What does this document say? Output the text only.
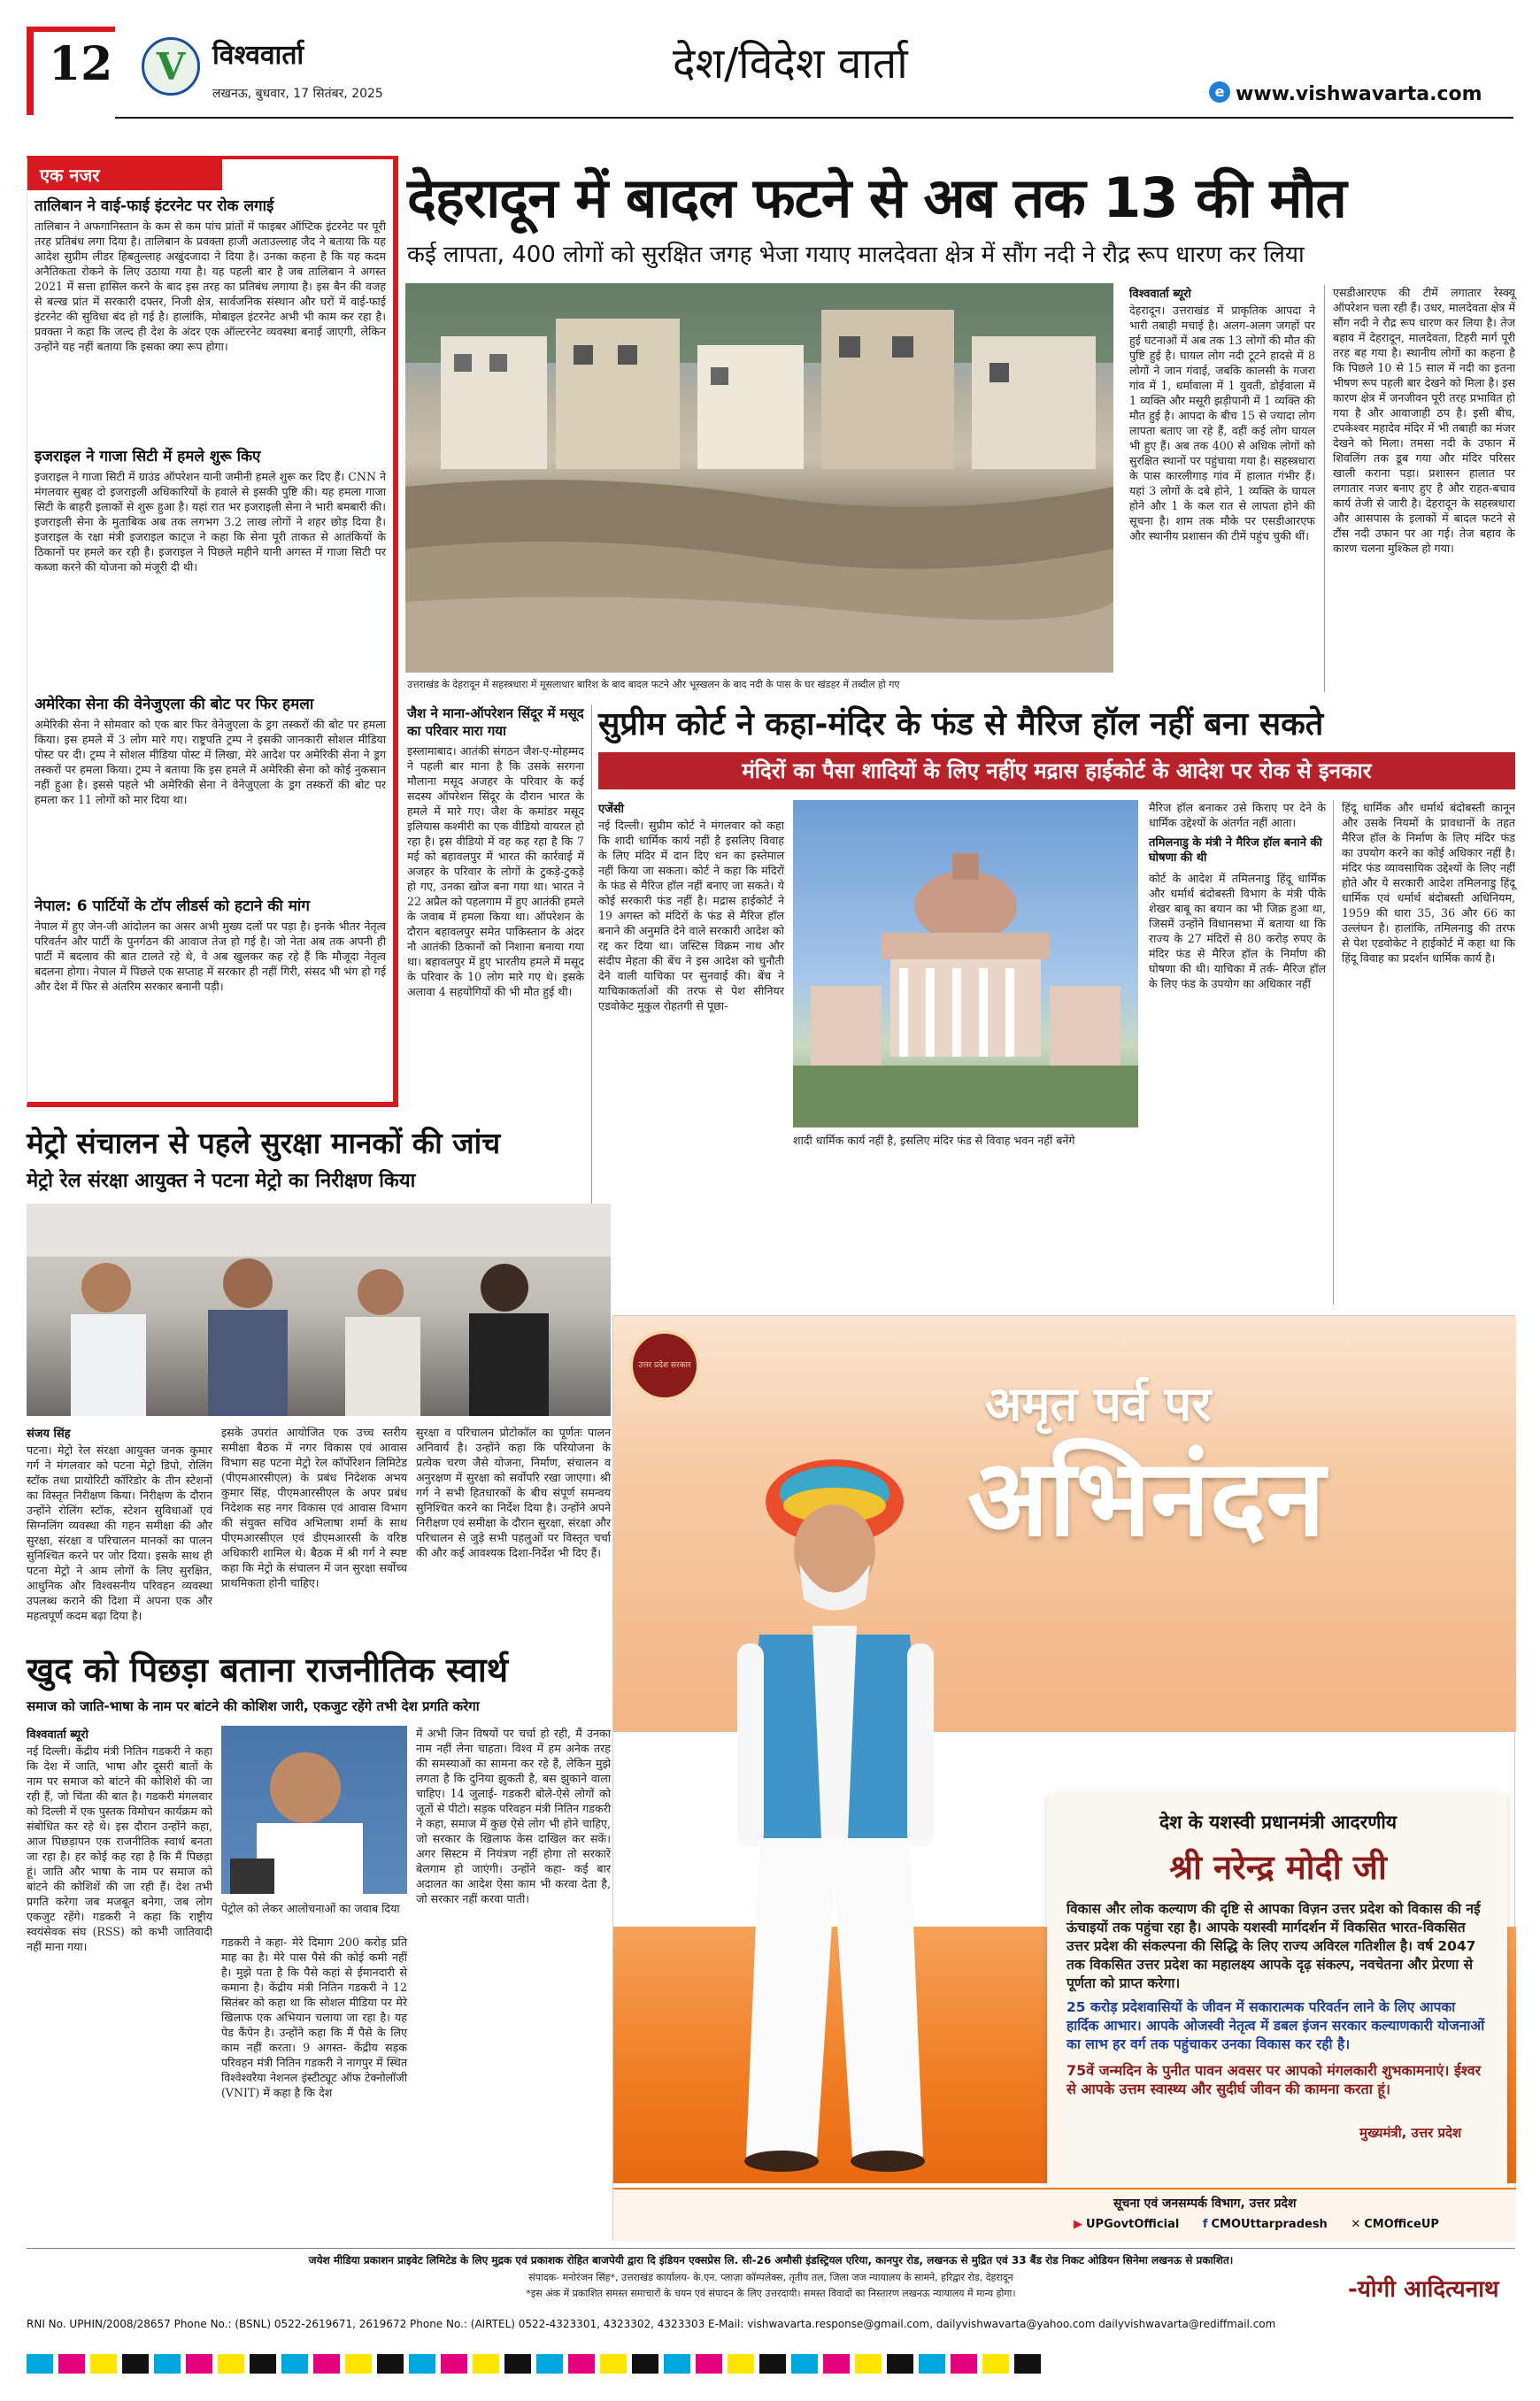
12 V विश्ववार्ता
लखनऊ, बुधवार, 17 सितंबर, 2025
देश/विदेश वार्ता
e www.vishwavarta.com
एक नजर
तालिबान ने वाई-फाई इंटरनेट पर रोक लगाई
तालिबान ने अफगानिस्तान के कम से कम पांच प्रांतों में फाइबर ऑप्टिक इंटरनेट पर पूरी तरह प्रतिबंध लगा दिया है। तालिबान के प्रवक्ता हाजी अताउल्लाह जैद ने बताया कि यह आदेश सुप्रीम लीडर हिबतुल्लाह अखुंदजादा ने दिया है। उनका कहना है कि यह कदम अनैतिकता रोकने के लिए उठाया गया है। यह पहली बार है जब तालिबान ने अगस्त 2021 में सत्ता हासिल करने के बाद इस तरह का प्रतिबंध लगाया है। इस बैन की वजह से बल्ख प्रांत में सरकारी दफ्तर, निजी क्षेत्र, सार्वजनिक संस्थान और घरों में वाई-फाई इंटरनेट की सुविधा बंद हो गई है। हालांकि, मोबाइल इंटरनेट अभी भी काम कर रहा है। प्रवक्ता ने कहा कि जल्द ही देश के अंदर एक ऑल्टरनेट व्यवस्था बनाई जाएगी, लेकिन उन्होंने यह नहीं बताया कि इसका क्या रूप होगा।
इजराइल ने गाजा सिटी में हमले शुरू किए
इजराइल ने गाजा सिटी में ग्राउंड ऑपरेशन यानी जमीनी हमले शुरू कर दिए हैं। CNN ने मंगलवार सुबह दो इजराइली अधिकारियों के हवाले से इसकी पुष्टि की। यह हमला गाजा सिटी के बाहरी इलाकों से शुरू हुआ है। यहां रात भर इजराइली सेना ने भारी बमबारी की। इजराइली सेना के मुताबिक अब तक लगभग 3.2 लाख लोगों ने शहर छोड़ दिया है। इजराइल के रक्षा मंत्री इजराइल काट्ज ने कहा कि सेना पूरी ताकत से आतंकियों के ठिकानों पर हमले कर रही है। इजराइल ने पिछले महीने यानी अगस्त में गाजा सिटी पर कब्जा करने की योजना को मंजूरी दी थी।
अमेरिका सेना की वेनेजुएला की बोट पर फिर हमला
अमेरिकी सेना ने सोमवार को एक बार फिर वेनेजुएला के ड्रग तस्करों की बोट पर हमला किया। इस हमले में 3 लोग मारे गए। राष्ट्रपति ट्रम्प ने इसकी जानकारी सोशल मीडिया पोस्ट पर दी। ट्रम्प ने सोशल मीडिया पोस्ट में लिखा, मेरे आदेश पर अमेरिकी सेना ने ड्रग तस्करों पर हमला किया। ट्रम्प ने बताया कि इस हमले में अमेरिकी सेना को कोई नुकसान नहीं हुआ है। इससे पहले भी अमेरिकी सेना ने वेनेजुएला के ड्रग तस्करों की बोट पर हमला कर 11 लोगों को मार दिया था।
नेपाल: 6 पार्टियों के टॉप लीडर्स को हटाने की मांग
नेपाल में हुए जेन-जी आंदोलन का असर अभी मुख्य दलों पर पड़ा है। इनके भीतर नेतृत्व परिवर्तन और पार्टी के पुनर्गठन की आवाज तेज हो गई है। जो नेता अब तक अपनी ही पार्टी में बदलाव की बात टालते रहे थे, वे अब खुलकर कह रहे हैं कि मौजूदा नेतृत्व बदलना होगा। नेपाल में पिछले एक सप्ताह में सरकार ही नहीं गिरी, संसद भी भंग हो गई और देश में फिर से अंतरिम सरकार बनानी पड़ी।
देहरादून में बादल फटने से अब तक 13 की मौत
कई लापता, 400 लोगों को सुरक्षित जगह भेजा गयाए मालदेवता क्षेत्र में सौंग नदी ने रौद्र रूप धारण कर लिया
उत्तराखंड के देहरादून में सहस्त्रधारा में मूसलाधार बारिश के बाद बादल फटने और भूस्खलन के बाद नदी के पास के घर खंडहर में तब्दील हो गए
विश्ववार्ता ब्यूरो
देहरादून। उत्तराखंड में प्राकृतिक आपदा ने भारी तबाही मचाई है। अलग-अलग जगहों पर हुई घटनाओं में अब तक 13 लोगों की मौत की पुष्टि हुई है। घायल लोग नदी टूटने हादसे में 8 लोगों ने जान गंवाई, जबकि कालसी के गजरा गांव में 1, धर्मावाला में 1 युवती, डोईवाला में 1 व्यक्ति और मसूरी झड़ीपानी में 1 व्यक्ति की मौत हुई है। आपदा के बीच 15 से ज्यादा लोग लापता बताए जा रहे हैं, वहीं कई लोग घायल भी हुए हैं। अब तक 400 से अधिक लोगों को सुरक्षित स्थानों पर पहुंचाया गया है। सहस्त्रधारा के पास कारलीगाड़ गांव में हालात गंभीर हैं। यहां 3 लोगों के दबे होने, 1 व्यक्ति के घायल होने और 1 के कल रात से लापता होने की सूचना है। शाम तक मौके पर एसडीआरएफ और स्थानीय प्रशासन की टीमें पहुंच चुकी थीं।
एसडीआरएफ की टीमें लगातार रेस्क्यू ऑपरेशन चला रही हैं। उधर, मालदेवता क्षेत्र में सौंग नदी ने रौद्र रूप धारण कर लिया है। तेज बहाव में देहरादून, मालदेवता, टिहरी मार्ग पूरी तरह बह गया है। स्थानीय लोगों का कहना है कि पिछले 10 से 15 साल में नदी का इतना भीषण रूप पहली बार देखने को मिला है। इस कारण क्षेत्र में जनजीवन पूरी तरह प्रभावित हो गया है और आवाजाही ठप है। इसी बीच, टपकेश्वर महादेव मंदिर में भी तबाही का मंजर देखने को मिला। तमसा नदी के उफान में शिवलिंग तक डूब गया और मंदिर परिसर खाली कराना पड़ा। प्रशासन हालात पर लगातार नजर बनाए हुए है और राहत-बचाव कार्य तेजी से जारी है। देहरादून के सहस्त्रधारा और आसपास के इलाकों में बादल फटने से टौंस नदी उफान पर आ गई। तेज बहाव के कारण चलना मुश्किल हो गया।
जैश ने माना-ऑपरेशन सिंदूर में मसूद का परिवार मारा गया
इस्लामाबाद। आतंकी संगठन जैश-ए-मोहम्मद ने पहली बार माना है कि उसके सरगना मौलाना मसूद अजहर के परिवार के कई सदस्य ऑपरेशन सिंदूर के दौरान भारत के हमले में मारे गए। जैश के कमांडर मसूद इलियास कश्मीरी का एक वीडियो वायरल हो रहा है। इस वीडियो में वह कह रहा है कि 7 मई को बहावलपुर में भारत की कार्रवाई में अजहर के परिवार के लोगों के टुकड़े-टुकड़े हो गए, उनका खोज बना गया था। भारत ने 22 अप्रैल को पहलगाम में हुए आतंकी हमले के जवाब में हमला किया था। ऑपरेशन के दौरान बहावलपुर समेत पाकिस्तान के अंदर नौ आतंकी ठिकानों को निशाना बनाया गया था। बहावलपुर में हुए भारतीय हमले में मसूद के परिवार के 10 लोग मारे गए थे। इसके अलावा 4 सहयोगियों की भी मौत हुई थी।
सुप्रीम कोर्ट ने कहा-मंदिर के फंड से मैरिज हॉल नहीं बना सकते
मंदिरों का पैसा शादियों के लिए नहींए मद्रास हाईकोर्ट के आदेश पर रोक से इनकार
एजेंसी
नई दिल्ली। सुप्रीम कोर्ट ने मंगलवार को कहा कि शादी धार्मिक कार्य नहीं है इसलिए विवाह के लिए मंदिर में दान दिए धन का इस्तेमाल नहीं किया जा सकता। कोर्ट ने कहा कि मंदिरों के फंड से मैरिज हॉल नहीं बनाए जा सकते। ये कोई सरकारी फंड नहीं है। मद्रास हाईकोर्ट ने 19 अगस्त को मंदिरों के फंड से मैरिज हॉल बनाने की अनुमति देने वाले सरकारी आदेश को रद्द कर दिया था। जस्टिस विक्रम नाथ और संदीप मेहता की बेंच ने इस आदेश को चुनौती देने वाली याचिका पर सुनवाई की। बेंच ने याचिकाकर्ताओं की तरफ से पेश सीनियर एडवोकेट मुकुल रोहतगी से पूछा-
शादी धार्मिक कार्य नहीं है, इसलिए मंदिर फंड से विवाह भवन नहीं बनेंगे
मैरिज हॉल बनाकर उसे किराए पर देने के धार्मिक उद्देश्यों के अंतर्गत नहीं आता।
तमिलनाडु के मंत्री ने मैरिज हॉल बनाने की घोषणा की थी
कोर्ट के आदेश में तमिलनाडु हिंदू धार्मिक और धर्मार्थ बंदोबस्ती विभाग के मंत्री पीके शेखर बाबू का बयान का भी जिक्र हुआ था, जिसमें उन्होंने विधानसभा में बताया था कि राज्य के 27 मंदिरों से 80 करोड़ रुपए के मंदिर फंड से मैरिज हॉल के निर्माण की घोषणा की थी। याचिका में तर्क- मैरिज हॉल के लिए फंड के उपयोग का अधिकार नहीं
हिंदू धार्मिक और धर्मार्थ बंदोबस्ती कानून और उसके नियमों के प्रावधानों के तहत मैरिज हॉल के निर्माण के लिए मंदिर फंड का उपयोग करने का कोई अधिकार नहीं है। मंदिर फंड व्यावसायिक उद्देश्यों के लिए नहीं होते और ये सरकारी आदेश तमिलनाडु हिंदू धार्मिक एवं धर्मार्थ बंदोबस्ती अधिनियम, 1959 की धारा 35, 36 और 66 का उल्लंघन है। हालांकि, तमिलनाडु की तरफ से पेश एडवोकेट ने हाईकोर्ट में कहा था कि हिंदू विवाह का प्रदर्शन धार्मिक कार्य है।
मेट्रो संचालन से पहले सुरक्षा मानकों की जांच
मेट्रो रेल संरक्षा आयुक्त ने पटना मेट्रो का निरीक्षण किया
संजय सिंह
पटना। मेट्रो रेल संरक्षा आयुक्त जनक कुमार गर्ग ने मंगलवार को पटना मेट्रो डिपो, रोलिंग स्टॉक तथा प्रायोरिटी कॉरिडोर के तीन स्टेशनों का विस्तृत निरीक्षण किया। निरीक्षण के दौरान उन्होंने रोलिंग स्टॉक, स्टेशन सुविधाओं एवं सिग्नलिंग व्यवस्था की गहन समीक्षा की और सुरक्षा, संरक्षा व परिचालन मानकों का पालन सुनिश्चित करने पर जोर दिया। इसके साथ ही पटना मेट्रो ने आम लोगों के लिए सुरक्षित, आधुनिक और विश्वसनीय परिवहन व्यवस्था उपलब्ध कराने की दिशा में अपना एक और महत्वपूर्ण कदम बढ़ा दिया है।
इसके उपरांत आयोजित एक उच्च स्तरीय समीक्षा बैठक में नगर विकास एवं आवास विभाग सह पटना मेट्रो रेल कॉर्पोरेशन लिमिटेड (पीएमआरसीएल) के प्रबंध निदेशक अभय कुमार सिंह, पीएमआरसीएल के अपर प्रबंध निदेशक सह नगर विकास एवं आवास विभाग की संयुक्त सचिव अभिलाषा शर्मा के साथ पीएमआरसीएल एवं डीएमआरसी के वरिष्ठ अधिकारी शामिल थे। बैठक में श्री गर्ग ने स्पष्ट कहा कि मेट्रो के संचालन में जन सुरक्षा सर्वोच्च प्राथमिकता होनी चाहिए।
सुरक्षा व परिचालन प्रोटोकॉल का पूर्णतः पालन अनिवार्य है। उन्होंने कहा कि परियोजना के प्रत्येक चरण जैसे योजना, निर्माण, संचालन व अनुरक्षण में सुरक्षा को सर्वोपरि रखा जाएगा। श्री गर्ग ने सभी हितधारकों के बीच संपूर्ण समन्वय सुनिश्चित करने का निर्देश दिया है। उन्होंने अपने निरीक्षण एवं समीक्षा के दौरान सुरक्षा, संरक्षा और परिचालन से जुड़े सभी पहलुओं पर विस्तृत चर्चा की और कई आवश्यक दिशा-निर्देश भी दिए हैं।
खुद को पिछड़ा बताना राजनीतिक स्वार्थ
समाज को जाति-भाषा के नाम पर बांटने की कोशिश जारी, एकजुट रहेंगे तभी देश प्रगति करेगा
विश्ववार्ता ब्यूरो
नई दिल्ली। केंद्रीय मंत्री नितिन गडकरी ने कहा कि देश में जाति, भाषा और दूसरी बातों के नाम पर समाज को बांटने की कोशिशें की जा रही हैं, जो चिंता की बात है। गडकरी मंगलवार को दिल्ली में एक पुस्तक विमोचन कार्यक्रम को संबोधित कर रहे थे। इस दौरान उन्होंने कहा, आज पिछड़ापन एक राजनीतिक स्वार्थ बनता जा रहा है। हर कोई कह रहा है कि मैं पिछड़ा हूं। जाति और भाषा के नाम पर समाज को बांटने की कोशिशें की जा रही हैं। देश तभी प्रगति करेगा जब मजबूत बनेगा, जब लोग एकजुट रहेंगे। गडकरी ने कहा कि राष्ट्रीय स्वयंसेवक संघ (RSS) को कभी जातिवादी नहीं माना गया।
पेट्रोल को लेकर आलोचनाओं का जवाब दिया
गडकरी ने कहा- मेरे दिमाग 200 करोड़ प्रति माह का है। मेरे पास पैसे की कोई कमी नहीं है। मुझे पता है कि पैसे कहां से ईमानदारी से कमाना है। केंद्रीय मंत्री नितिन गडकरी ने 12 सितंबर को कहा था कि सोशल मीडिया पर मेरे खिलाफ एक अभियान चलाया जा रहा है। यह पेड कैंपेन है। उन्होंने कहा कि मैं पैसे के लिए काम नहीं करता। 9 अगस्त- केंद्रीय सड़क परिवहन मंत्री नितिन गडकरी ने नागपुर में स्थित विश्वेश्वरैया नेशनल इंस्टीट्यूट ऑफ टेक्नोलॉजी (VNIT) में कहा है कि देश
में अभी जिन विषयों पर चर्चा हो रही, मैं उनका नाम नहीं लेना चाहता। विश्व में हम अनेक तरह की समस्याओं का सामना कर रहे हैं, लेकिन मुझे लगता है कि दुनिया झुकती है, बस झुकाने वाला चाहिए। 14 जुलाई- गडकरी बोले-ऐसे लोगों को जूतों से पीटो। सड़क परिवहन मंत्री नितिन गडकरी ने कहा, समाज में कुछ ऐसे लोग भी होने चाहिए, जो सरकार के खिलाफ केस दाखिल कर सकें। अगर सिस्टम में नियंत्रण नहीं होगा तो सरकारें बेलगाम हो जाएंगी। उन्होंने कहा- कई बार अदालत का आदेश ऐसा काम भी करवा देता है, जो सरकार नहीं करवा पाती।
उत्तर प्रदेश सरकार
अमृत पर्व पर
अभिनंदन
देश के यशस्वी प्रधानमंत्री आदरणीय
श्री नरेन्द्र मोदी जी
विकास और लोक कल्याण की दृष्टि से आपका विज़न उत्तर प्रदेश को विकास की नई ऊंचाइयों तक पहुंचा रहा है। आपके यशस्वी मार्गदर्शन में विकसित भारत-विकसित उत्तर प्रदेश की संकल्पना की सिद्धि के लिए राज्य अविरल गतिशील है। वर्ष 2047 तक विकसित उत्तर प्रदेश का महालक्ष्य आपके दृढ़ संकल्प, नवचेतना और प्रेरणा से पूर्णता को प्राप्त करेगा।
25 करोड़ प्रदेशवासियों के जीवन में सकारात्मक परिवर्तन लाने के लिए आपका हार्दिक आभार। आपके ओजस्वी नेतृत्व में डबल इंजन सरकार कल्याणकारी योजनाओं का लाभ हर वर्ग तक पहुंचाकर उनका विकास कर रही है।
75वें जन्मदिन के पुनीत पावन अवसर पर आपको मंगलकारी शुभकामनाएं। ईश्वर से आपके उत्तम स्वास्थ्य और सुदीर्घ जीवन की कामना करता हूं।
-योगी आदित्यनाथ
सूचना एवं जनसम्पर्क विभाग, उत्तर प्रदेश
▶ UPGovtOfficial f CMOUttarpradesh ✕ CMOfficeUP
मुख्यमंत्री, उत्तर प्रदेश
जयेश मीडिया प्रकाशन प्राइवेट लिमिटेड के लिए मुद्रक एवं प्रकाशक रोहित बाजपेयी द्वारा दि इंडियन एक्सप्रेस लि. सी-26 अमौसी इंडस्ट्रियल एरिया, कानपुर रोड, लखनऊ से मुद्रित एवं 33 बैंड रोड निकट ओडियन सिनेमा लखनऊ से प्रकाशित।
संपादक- मनोरंजन सिंह*, उत्तराखंड कार्यालय- के.एन. प्लाज़ा कॉम्पलेक्स, तृतीय तल, जिला जज न्यायालय के सामने, हरिद्वार रोड, देहरादून
*इस अंक में प्रकाशित समस्त समाचारों के चयन एवं संपादन के लिए उत्तरदायी। समस्त विवादों का निस्तारण लखनऊ न्यायालय में मान्य होगा।
RNI No. UPHIN/2008/28657 Phone No.: (BSNL) 0522-2619671, 2619672 Phone No.: (AIRTEL) 0522-4323301, 4323302, 4323303 E-Mail: vishwavarta.response@gmail.com, dailyvishwavarta@yahoo.com dailyvishwavarta@rediffmail.com
